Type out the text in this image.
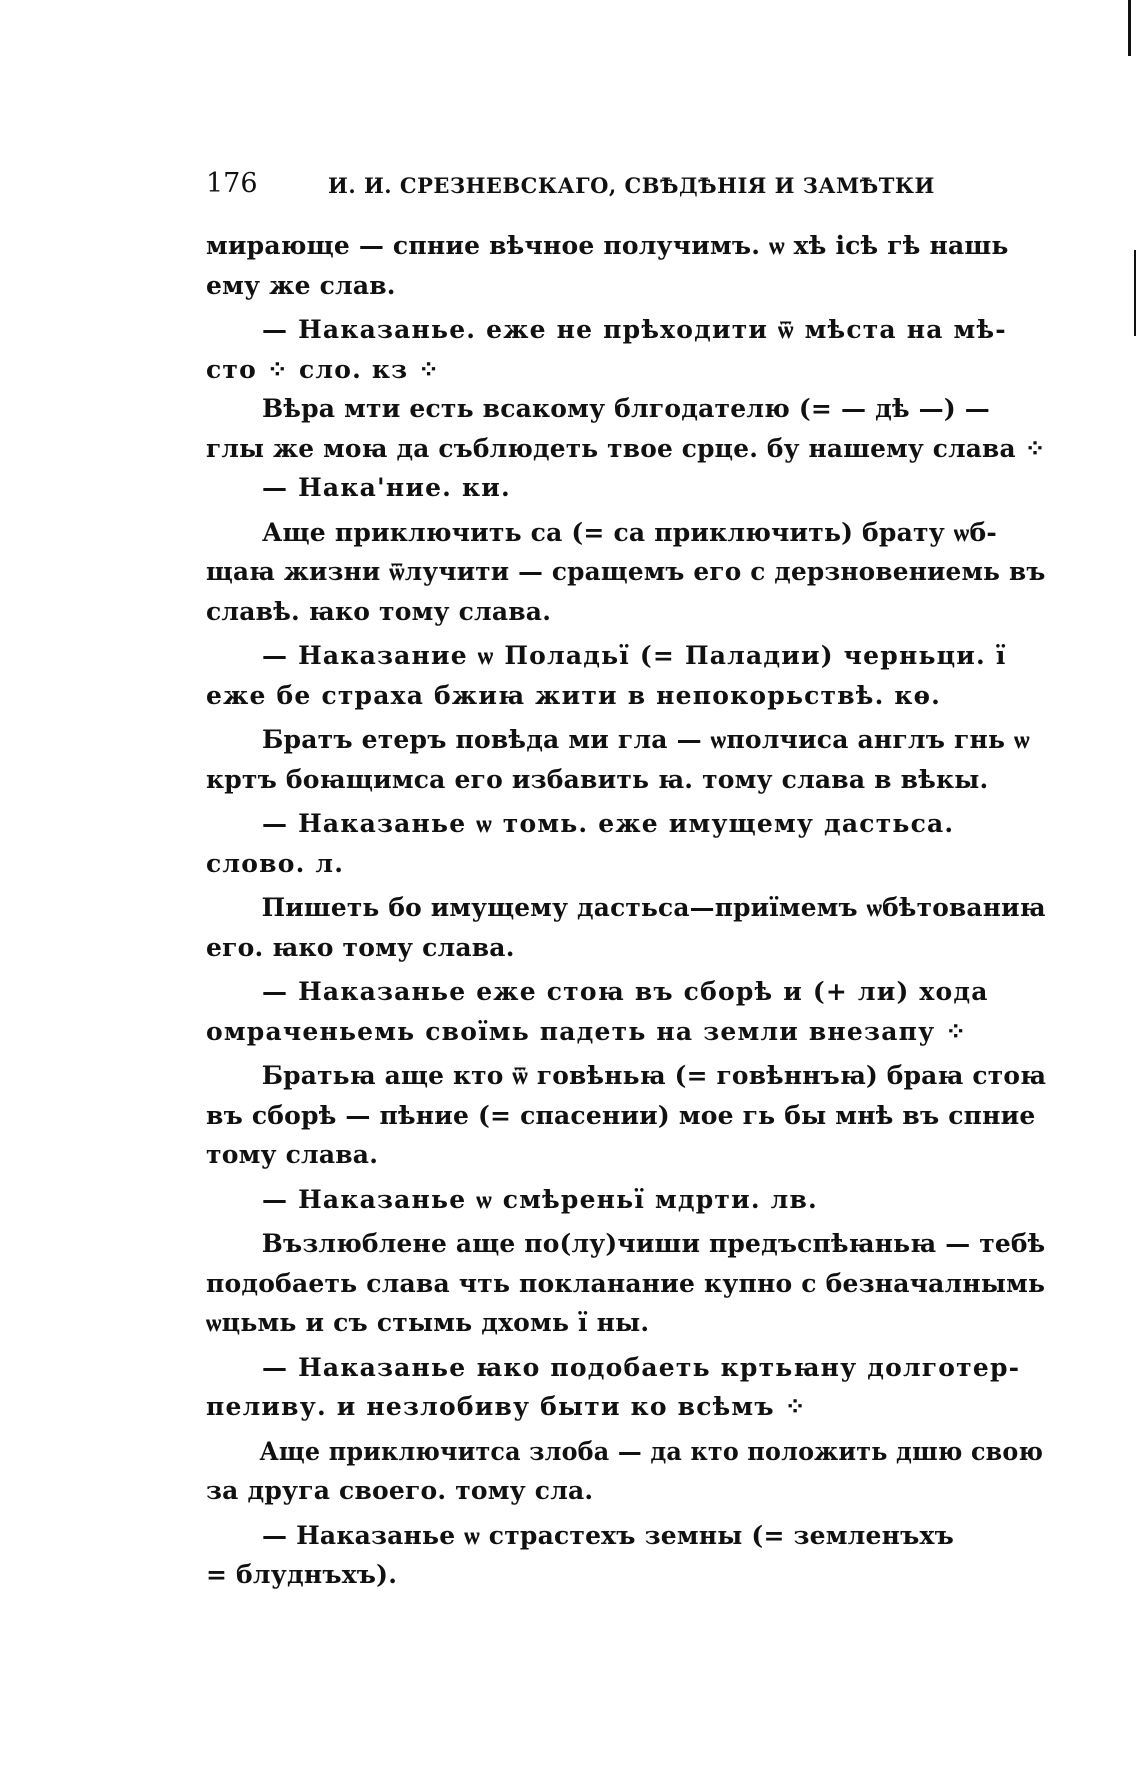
176	И. И. СРЕЗНЕВСКАГО, СВѢДѢНІЯ И ЗАМѢТКИ
мирающе — спние вѣчное получимъ. ѡ хѣ ісѣ гѣ нашь
ему же слав.
— Наказанье. еже не прѣходити ѿ мѣста на мѣ-
сто ⁘ сло. кз ⁘
Вѣра мти есть всакому блгодателю (= — дѣ —) —
глы же моꙗ да съблюдеть твое срце. бу нашему слава ⁘
— Нака'ние. ки.
Аще приключить са (= са приключить) брату ѡб-
щаꙗ жизни ѿлучити — сращемъ его с дерзновениемь въ
славѣ. ꙗко тому слава.
— Наказание ѡ Поладьї (= Паладии) черньци. ї
еже бе страха бжиꙗ жити в непокорьствѣ. кѳ.
Братъ етеръ повѣда ми гла — ѡполчиса англъ гнь ѡ
кртъ боꙗщимса его избавить ꙗ. тому слава в вѣкы.
— Наказанье ѡ томь. еже имущему дастьса.
слово. л.
Пишеть бо имущему дастьса—приїмемъ ѡбѣтованиꙗ
его. ꙗко тому слава.
— Наказанье еже стоꙗ въ сборѣ и (+ ли) хода
омраченьемь своїмь падеть на земли внезапу ⁘
Братьꙗ аще кто ѿ говѣньꙗ (= говѣннъꙗ) браꙗ стоꙗ
въ сборѣ — пѣние (= спасении) мое гь бы мнѣ въ спние
тому слава.
— Наказанье ѡ смѣреньї мдрти. лв.
Възлюблене аще по(лу)чиши предъспѣꙗньꙗ — тебѣ
подобаеть слава чть покланание купно с безначалнымь
ѡцьмь и съ стымь дхомь ї ны.
— Наказанье ꙗко подобаеть кртьꙗну долготер-
пеливу. и незлобиву быти ко всѣмъ ⁘
Аще приключитса злоба — да кто положить дшю свою
за друга своего. тому сла.
— Наказанье ѡ страстехъ земны (= земленъхъ
= блуднъхъ).
